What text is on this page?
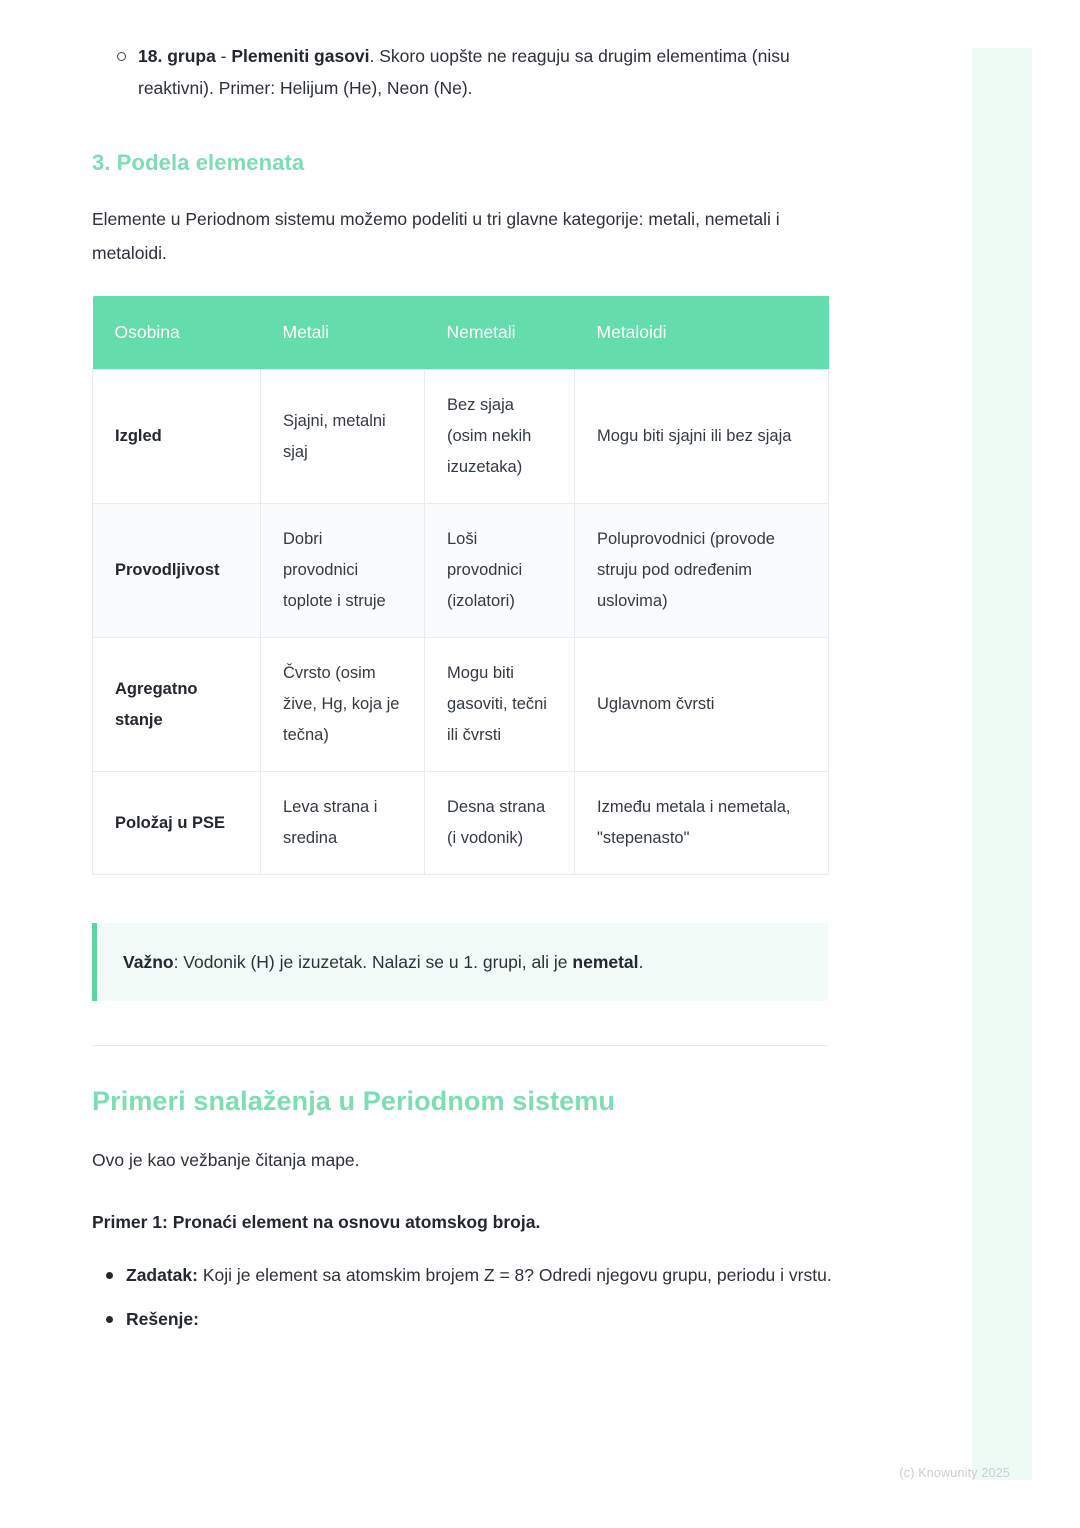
18. grupa - Plemeniti gasovi. Skoro uopšte ne reaguju sa drugim elementima (nisu reaktivni). Primer: Helijum (He), Neon (Ne).
3. Podela elemenata

Elemente u Periodnom sistemu možemo podeliti u tri glavne kategorije: metali, nemetali i metaloidi.

Osobina	Metali	Nemetali	Metaloidi
Izgled	Sjajni, metalni sjaj	Bez sjaja (osim nekih izuzetaka)	Mogu biti sjajni ili bez sjaja
Provodljivost	Dobri provodnici toplote i struje	Loši provodnici (izolatori)	Poluprovodnici (provode struju pod određenim uslovima)
Agregatno stanje	Čvrsto (osim žive, Hg, koja je tečna)	Mogu biti gasoviti, tečni ili čvrsti	Uglavnom čvrsti
Položaj u PSE	Leva strana i sredina	Desna strana (i vodonik)	Između metala i nemetala, "stepenasto"
Važno: Vodonik (H) je izuzetak. Nalazi se u 1. grupi, ali je nemetal.
Primeri snalaženja u Periodnom sistemu

Ovo je kao vežbanje čitanja mape.

Primer 1: Pronaći element na osnovu atomskog broja.

Zadatak: Koji je element sa atomskim brojem Z = 8? Odredi njegovu grupu, periodu i vrstu.
Rešenje:
(c) Knowunity 2025
